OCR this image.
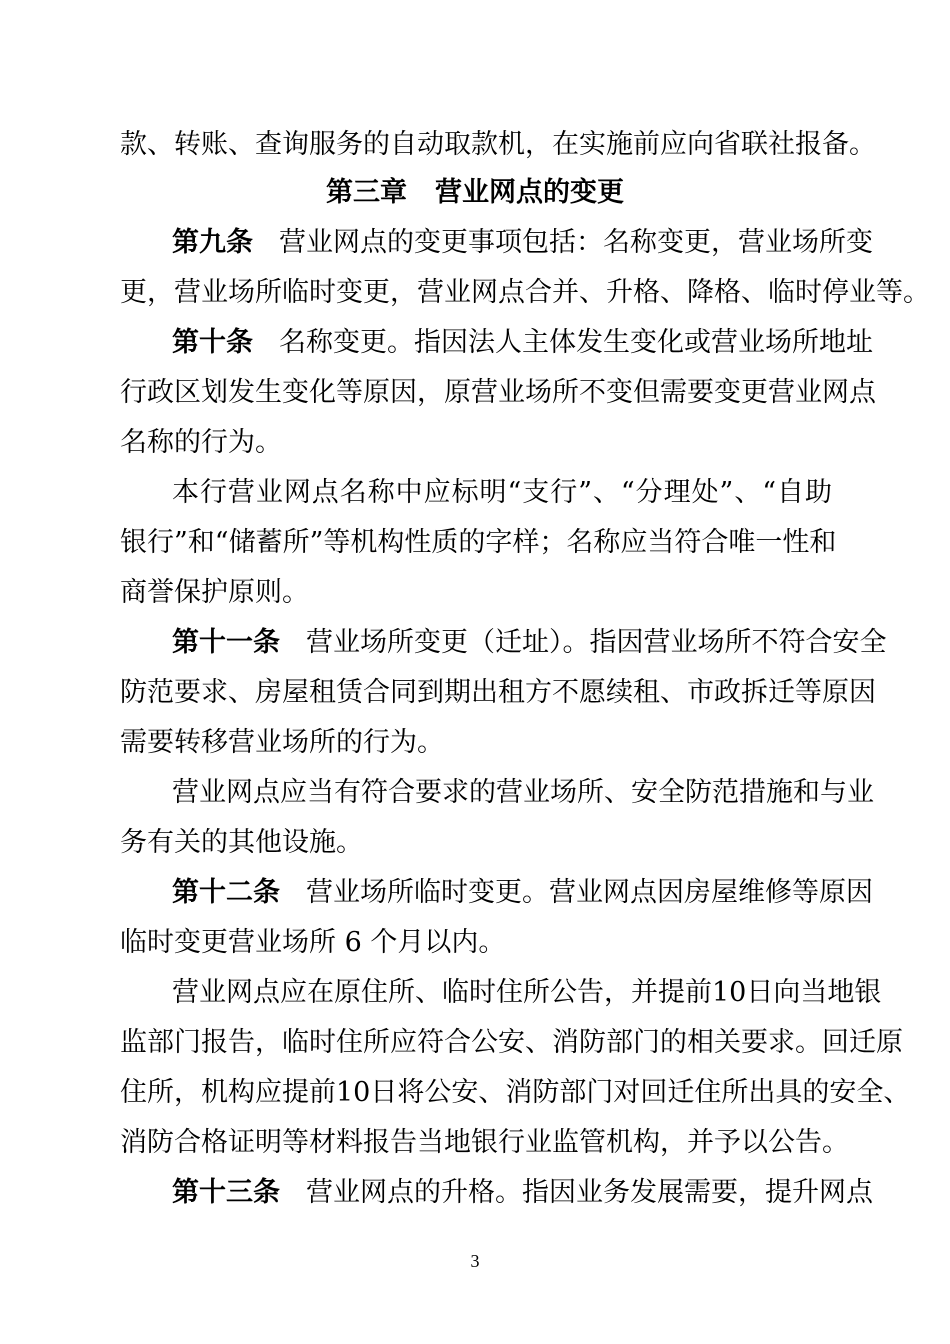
款、转账、查询服务的自动取款机，在实施前应向省联社报备。
第三章 营业网点的变更
第九条 营业网点的变更事项包括：名称变更，营业场所变
更，营业场所临时变更，营业网点合并、升格、降格、临时停业等。
第十条 名称变更。指因法人主体发生变化或营业场所地址
行政区划发生变化等原因，原营业场所不变但需要变更营业网点
名称的行为。
本行营业网点名称中应标明“支行”、“分理处”、“自助
银行”和“储蓄所”等机构性质的字样；名称应当符合唯一性和
商誉保护原则。
第十一条 营业场所变更（迁址）。指因营业场所不符合安全
防范要求、房屋租赁合同到期出租方不愿续租、市政拆迁等原因
需要转移营业场所的行为。
营业网点应当有符合要求的营业场所、安全防范措施和与业
务有关的其他设施。
第十二条 营业场所临时变更。营业网点因房屋维修等原因
临时变更营业场所 6 个月以内。
营业网点应在原住所、临时住所公告，并提前10日向当地银
监部门报告，临时住所应符合公安、消防部门的相关要求。回迁原
住所，机构应提前10日将公安、消防部门对回迁住所出具的安全、
消防合格证明等材料报告当地银行业监管机构，并予以公告。
第十三条 营业网点的升格。指因业务发展需要，提升网点
3
